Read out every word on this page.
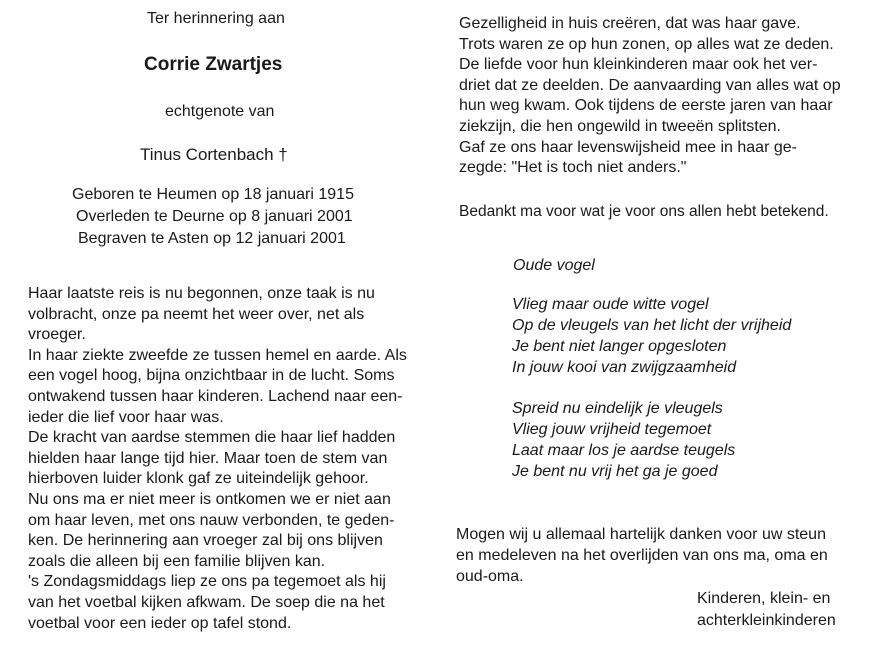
Ter herinnering aan
Corrie Zwartjes
echtgenote van
Tinus Cortenbach †
Geboren te Heumen op 18 januari 1915
Overleden te Deurne op 8 januari 2001
Begraven te Asten op 12 januari 2001
Haar laatste reis is nu begonnen, onze taak is nu
volbracht, onze pa neemt het weer over, net als
vroeger.
In haar ziekte zweefde ze tussen hemel en aarde. Als
een vogel hoog, bijna onzichtbaar in de lucht. Soms
ontwakend tussen haar kinderen. Lachend naar een-
ieder die lief voor haar was.
De kracht van aardse stemmen die haar lief hadden
hielden haar lange tijd hier. Maar toen de stem van
hierboven luider klonk gaf ze uiteindelijk gehoor.
Nu ons ma er niet meer is ontkomen we er niet aan
om haar leven, met ons nauw verbonden, te geden-
ken. De herinnering aan vroeger zal bij ons blijven
zoals die alleen bij een familie blijven kan.
's Zondagsmiddags liep ze ons pa tegemoet als hij
van het voetbal kijken afkwam. De soep die na het
voetbal voor een ieder op tafel stond.
Gezelligheid in huis creëren, dat was haar gave.
Trots waren ze op hun zonen, op alles wat ze deden.
De liefde voor hun kleinkinderen maar ook het ver-
driet dat ze deelden. De aanvaarding van alles wat op
hun weg kwam. Ook tijdens de eerste jaren van haar
ziekzijn, die hen ongewild in tweeën splitsten.
Gaf ze ons haar levenswijsheid mee in haar ge-
zegde: "Het is toch niet anders."
Bedankt ma voor wat je voor ons allen hebt betekend.
Oude vogel
Vlieg maar oude witte vogel
Op de vleugels van het licht der vrijheid
Je bent niet langer opgesloten
In jouw kooi van zwijgzaamheid
Spreid nu eindelijk je vleugels
Vlieg jouw vrijheid tegemoet
Laat maar los je aardse teugels
Je bent nu vrij het ga je goed
Mogen wij u allemaal hartelijk danken voor uw steun
en medeleven na het overlijden van ons ma, oma en
oud-oma.
Kinderen, klein- en
achterkleinkinderen
